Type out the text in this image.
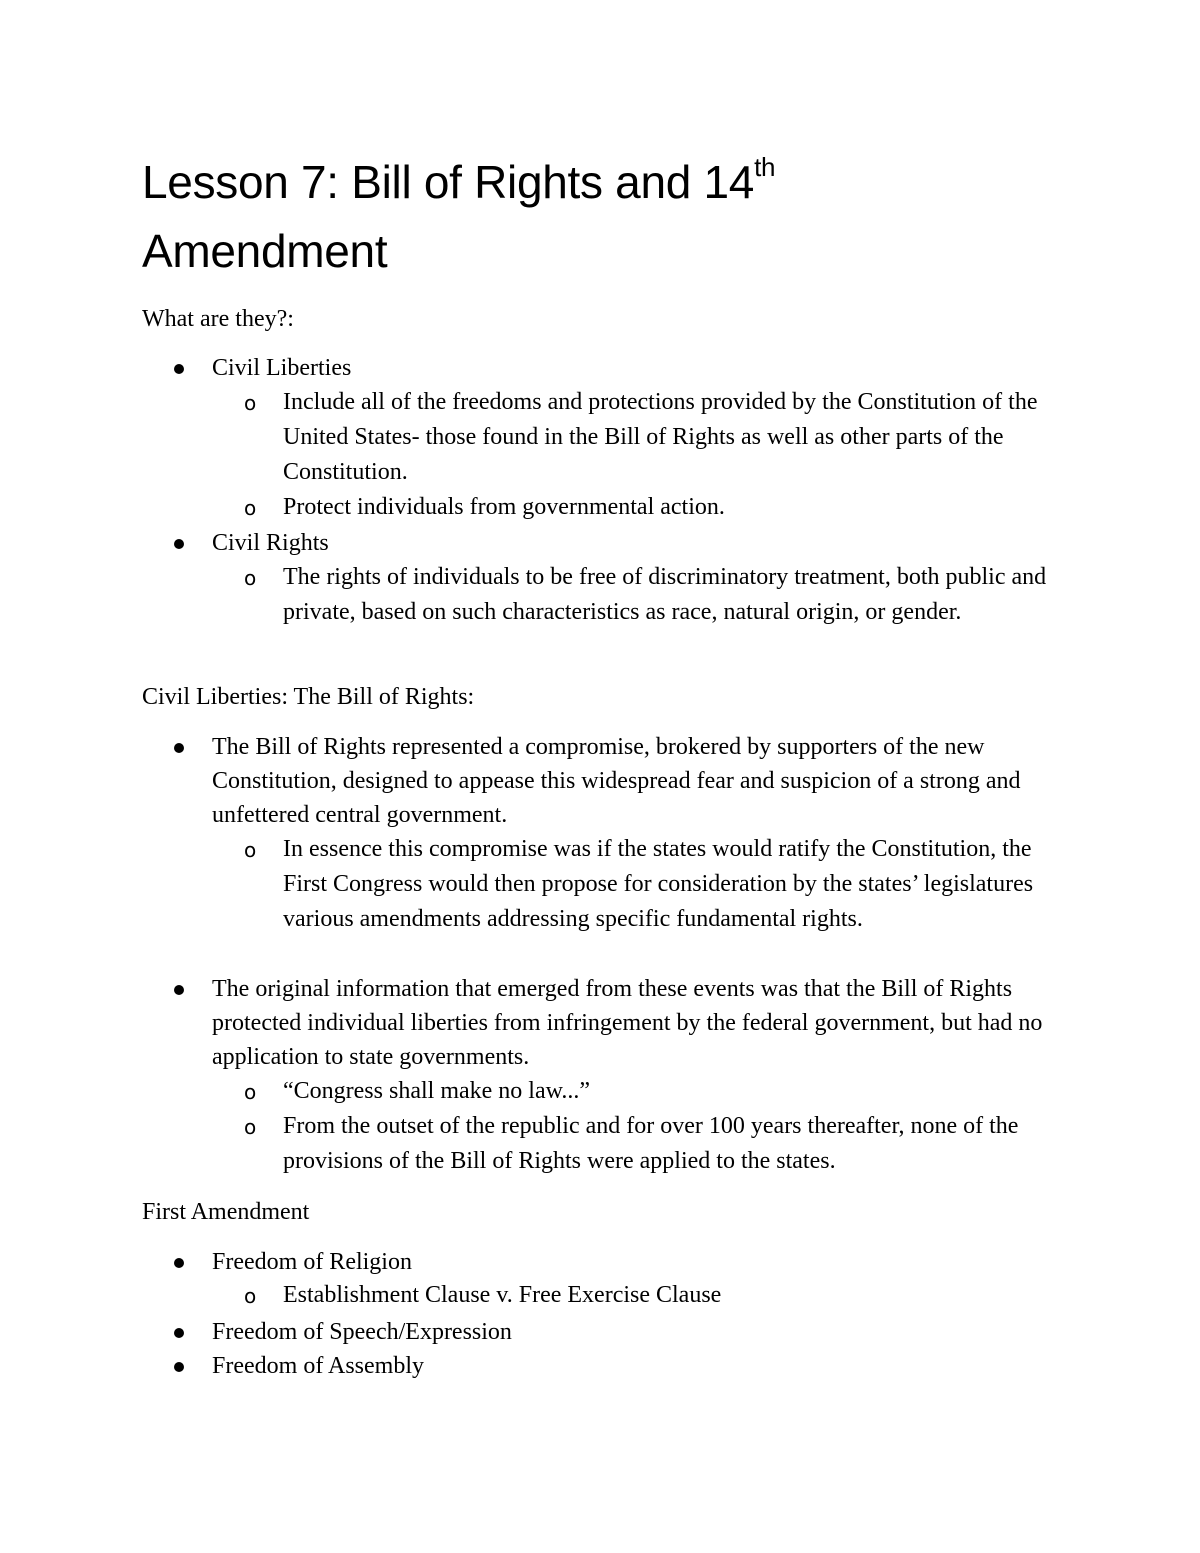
Lesson 7: Bill of Rights and 14th
Amendment
What are they?:
Civil Liberties
o Include all of the freedoms and protections provided by the Constitution of the United States- those found in the Bill of Rights as well as other parts of the Constitution.
o Protect individuals from governmental action.
Civil Rights
o The rights of individuals to be free of discriminatory treatment, both public and private, based on such characteristics as race, natural origin, or gender.
Civil Liberties: The Bill of Rights:
The Bill of Rights represented a compromise, brokered by supporters of the new Constitution, designed to appease this widespread fear and suspicion of a strong and unfettered central government.
o In essence this compromise was if the states would ratify the Constitution, the First Congress would then propose for consideration by the states’ legislatures various amendments addressing specific fundamental rights.
The original information that emerged from these events was that the Bill of Rights protected individual liberties from infringement by the federal government, but had no application to state governments.
o “Congress shall make no law...”
o From the outset of the republic and for over 100 years thereafter, none of the provisions of the Bill of Rights were applied to the states.
First Amendment
Freedom of Religion
o Establishment Clause v. Free Exercise Clause
Freedom of Speech/Expression
Freedom of Assembly
